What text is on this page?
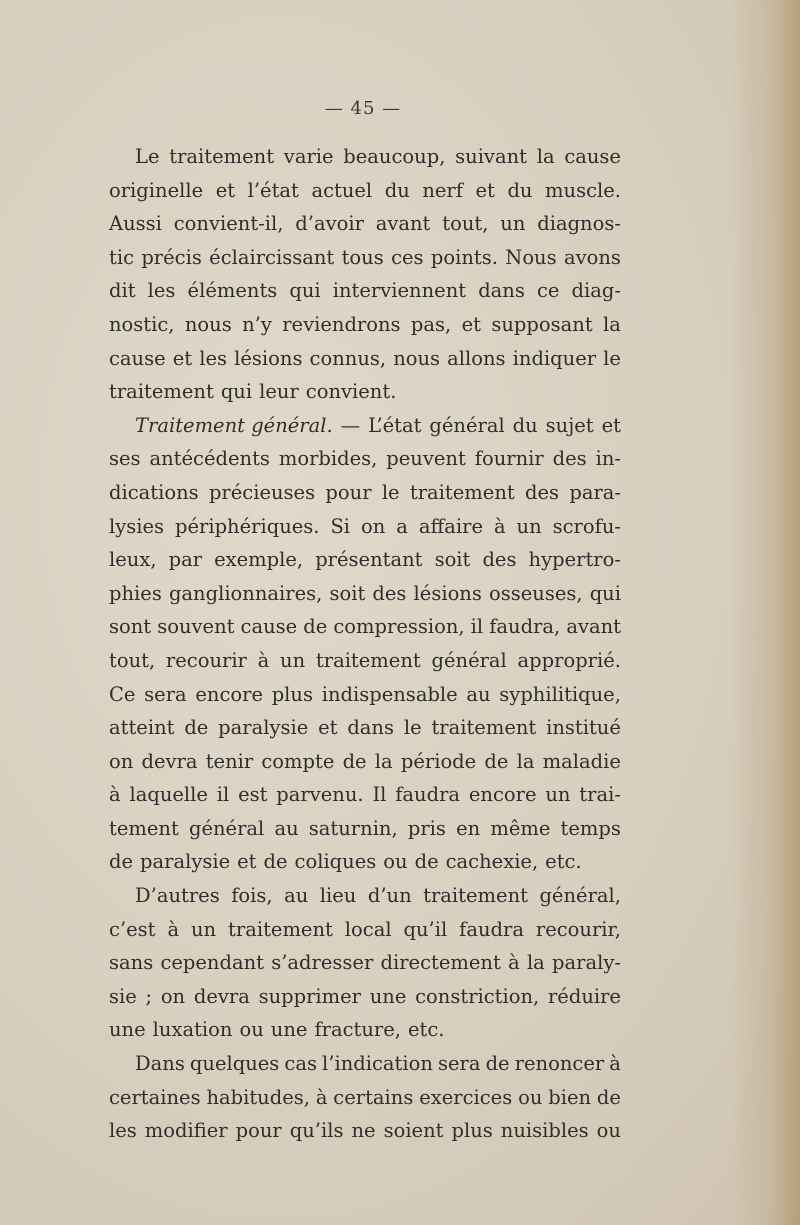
— 45 —
Le traitement varie beaucoup, suivant la cause
originelle et l’état actuel du nerf et du muscle.
Aussi convient-il, d’avoir avant tout, un diagnos-
tic précis éclaircissant tous ces points. Nous avons
dit les éléments qui interviennent dans ce diag-
nostic, nous n’y reviendrons pas, et supposant la
cause et les lésions connus, nous allons indiquer le
traitement qui leur convient.
Traitement général. — L’état général du sujet et
ses antécédents morbides, peuvent fournir des in-
dications précieuses pour le traitement des para-
lysies périphériques. Si on a affaire à un scrofu-
leux, par exemple, présentant soit des hypertro-
phies ganglionnaires, soit des lésions osseuses, qui
sont souvent cause de compression, il faudra, avant
tout, recourir à un traitement général approprié.
Ce sera encore plus indispensable au syphilitique,
atteint de paralysie et dans le traitement institué
on devra tenir compte de la période de la maladie
à laquelle il est parvenu. Il faudra encore un trai-
tement général au saturnin, pris en même temps
de paralysie et de coliques ou de cachexie, etc.
D’autres fois, au lieu d’un traitement général,
c’est à un traitement local qu’il faudra recourir,
sans cependant s’adresser directement à la paraly-
sie ; on devra supprimer une constriction, réduire
une luxation ou une fracture, etc.
Dans quelques cas l’indication sera de renoncer à
certaines habitudes, à certains exercices ou bien de
les modifier pour qu’ils ne soient plus nuisibles ou
